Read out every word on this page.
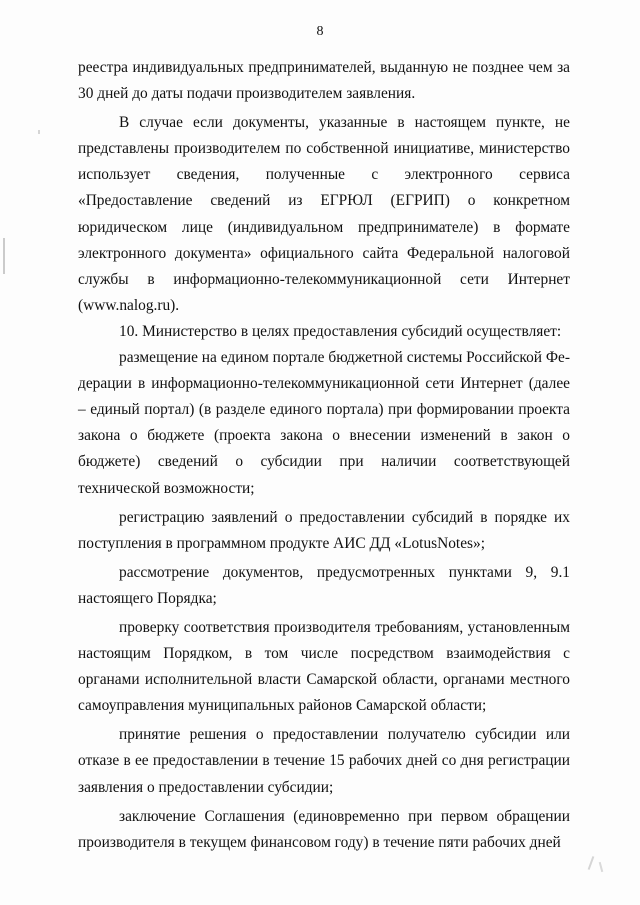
8

реестра индивидуальных предпринимателей, выданную не позднее чем за 30 дней до даты подачи производителем заявления.

В случае если документы, указанные в настоящем пункте, не представлены производителем по собственной инициативе, министерство использует сведения, полученные с электронного сервиса «Предоставление сведений из ЕГРЮЛ (ЕГРИП) о конкретном юридическом лице (индивидуальном предпринимателе) в формате электронного документа» официального сайта Федеральной налоговой службы в информационно-телекоммуникационной сети Интернет (www.nalog.ru).

10. Министерство в целях предоставления субсидий осуществляет:

размещение на едином портале бюджетной системы Российской Фе-дерации в информационно-телекоммуникационной сети Интернет (далее – единый портал) (в разделе единого портала) при формировании проекта закона о бюджете (проекта закона о внесении изменений в закон о бюджете) сведений о субсидии при наличии соответствующей технической возможности;

регистрацию заявлений о предоставлении субсидий в порядке их поступления в программном продукте АИС ДД «LotusNotes»;

рассмотрение документов, предусмотренных пунктами 9, 9.1 настоящего Порядка;

проверку соответствия производителя требованиям, установленным настоящим Порядком, в том числе посредством взаимодействия с органами исполнительной власти Самарской области, органами местного самоуправления муниципальных районов Самарской области;

принятие решения о предоставлении получателю субсидии или отказе в ее предоставлении в течение 15 рабочих дней со дня регистрации заявления о предоставлении субсидии;

заключение Соглашения (единовременно при первом обращении производителя в текущем финансовом году) в течение пяти рабочих дней
